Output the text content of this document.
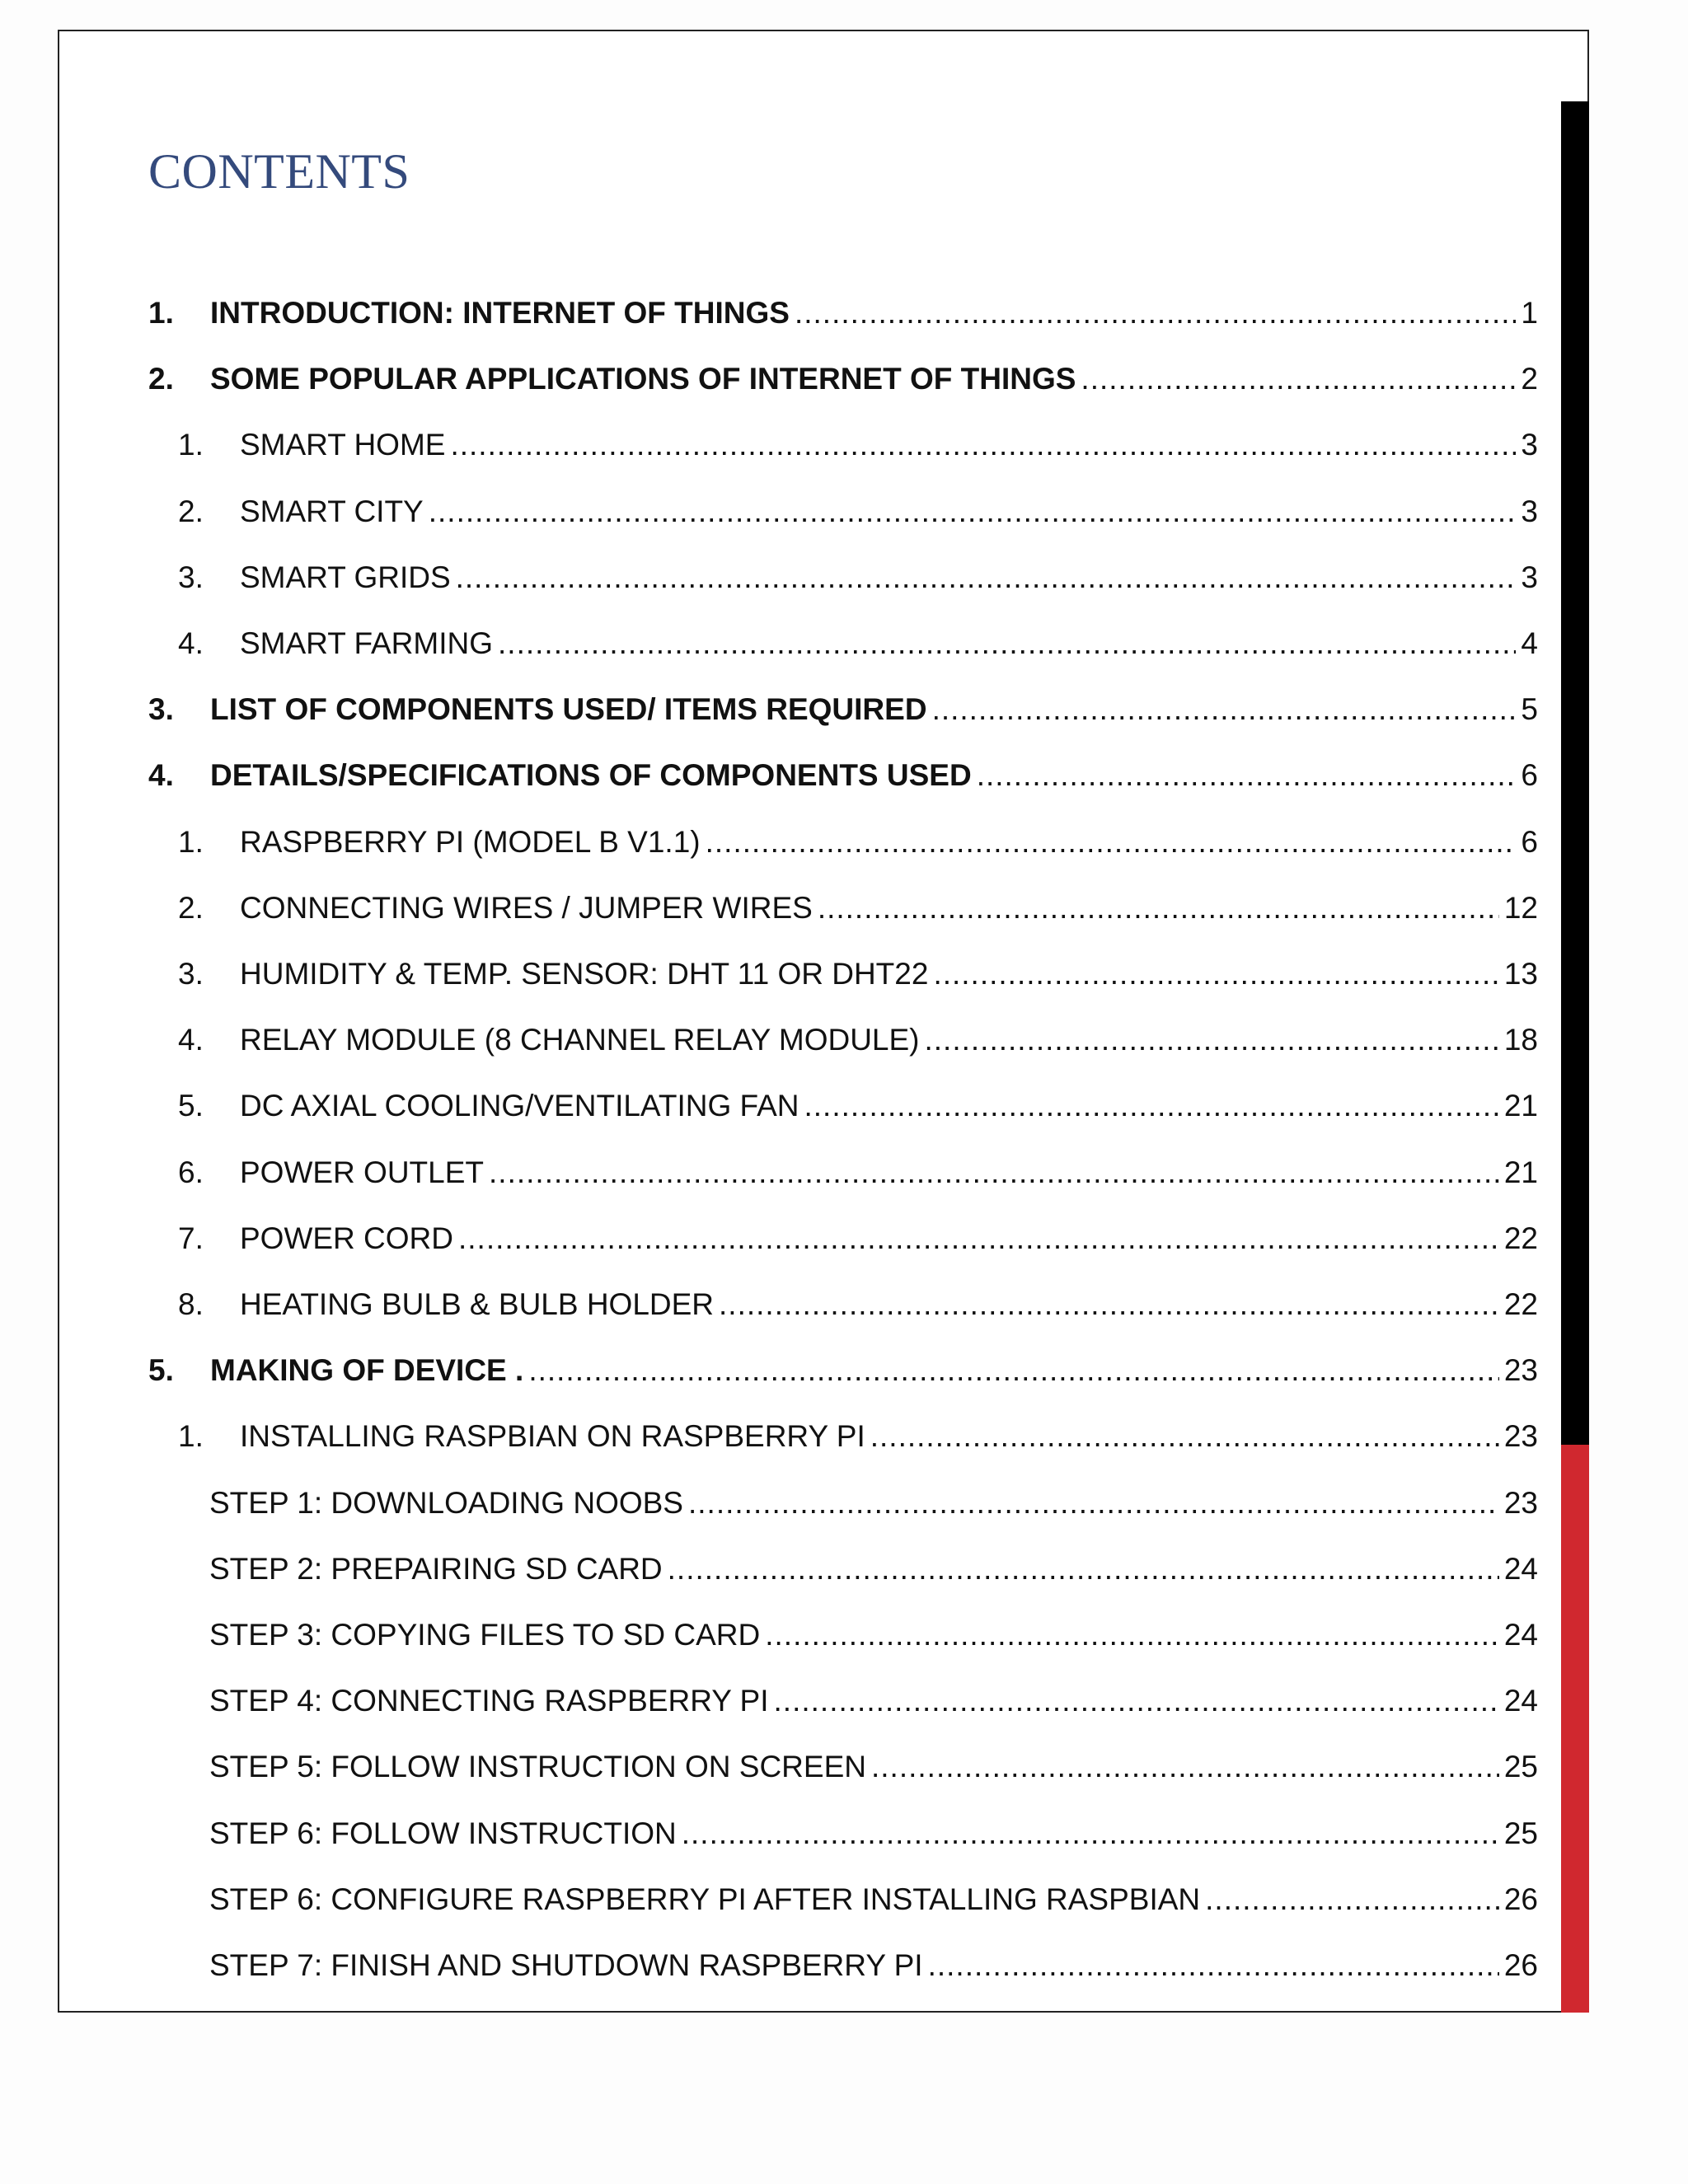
CONTENTS
1.	INTRODUCTION: INTERNET OF THINGS .....	1
2.	SOME POPULAR APPLICATIONS OF INTERNET OF THINGS .....	2
1.	SMART HOME .....	3
2.	SMART CITY .....	3
3.	SMART GRIDS .....	3
4.	SMART FARMING .....	4
3.	LIST OF COMPONENTS USED/ ITEMS REQUIRED .....	5
4.	DETAILS/SPECIFICATIONS OF COMPONENTS USED .....	6
1.	RASPBERRY PI (MODEL B V1.1) .....	6
2.	CONNECTING WIRES / JUMPER WIRES .....	12
3.	HUMIDITY & TEMP. SENSOR: DHT 11 OR DHT22 .....	13
4.	RELAY MODULE (8 CHANNEL RELAY MODULE) .....	18
5.	DC AXIAL COOLING/VENTILATING FAN .....	21
6.	POWER OUTLET .....	21
7.	POWER CORD .....	22
8.	HEATING BULB & BULB HOLDER .....	22
5.	MAKING OF DEVICE . .....	23
1.	INSTALLING RASPBIAN ON RASPBERRY PI .....	23
STEP 1: DOWNLOADING NOOBS .....	23
STEP 2: PREPAIRING SD CARD .....	24
STEP 3: COPYING FILES TO SD CARD .....	24
STEP 4: CONNECTING RASPBERRY PI .....	24
STEP 5: FOLLOW INSTRUCTION ON SCREEN .....	25
STEP 6: FOLLOW INSTRUCTION .....	25
STEP 6: CONFIGURE RASPBERRY PI AFTER INSTALLING RASPBIAN .....	26
STEP 7: FINISH AND SHUTDOWN RASPBERRY PI .....	26
